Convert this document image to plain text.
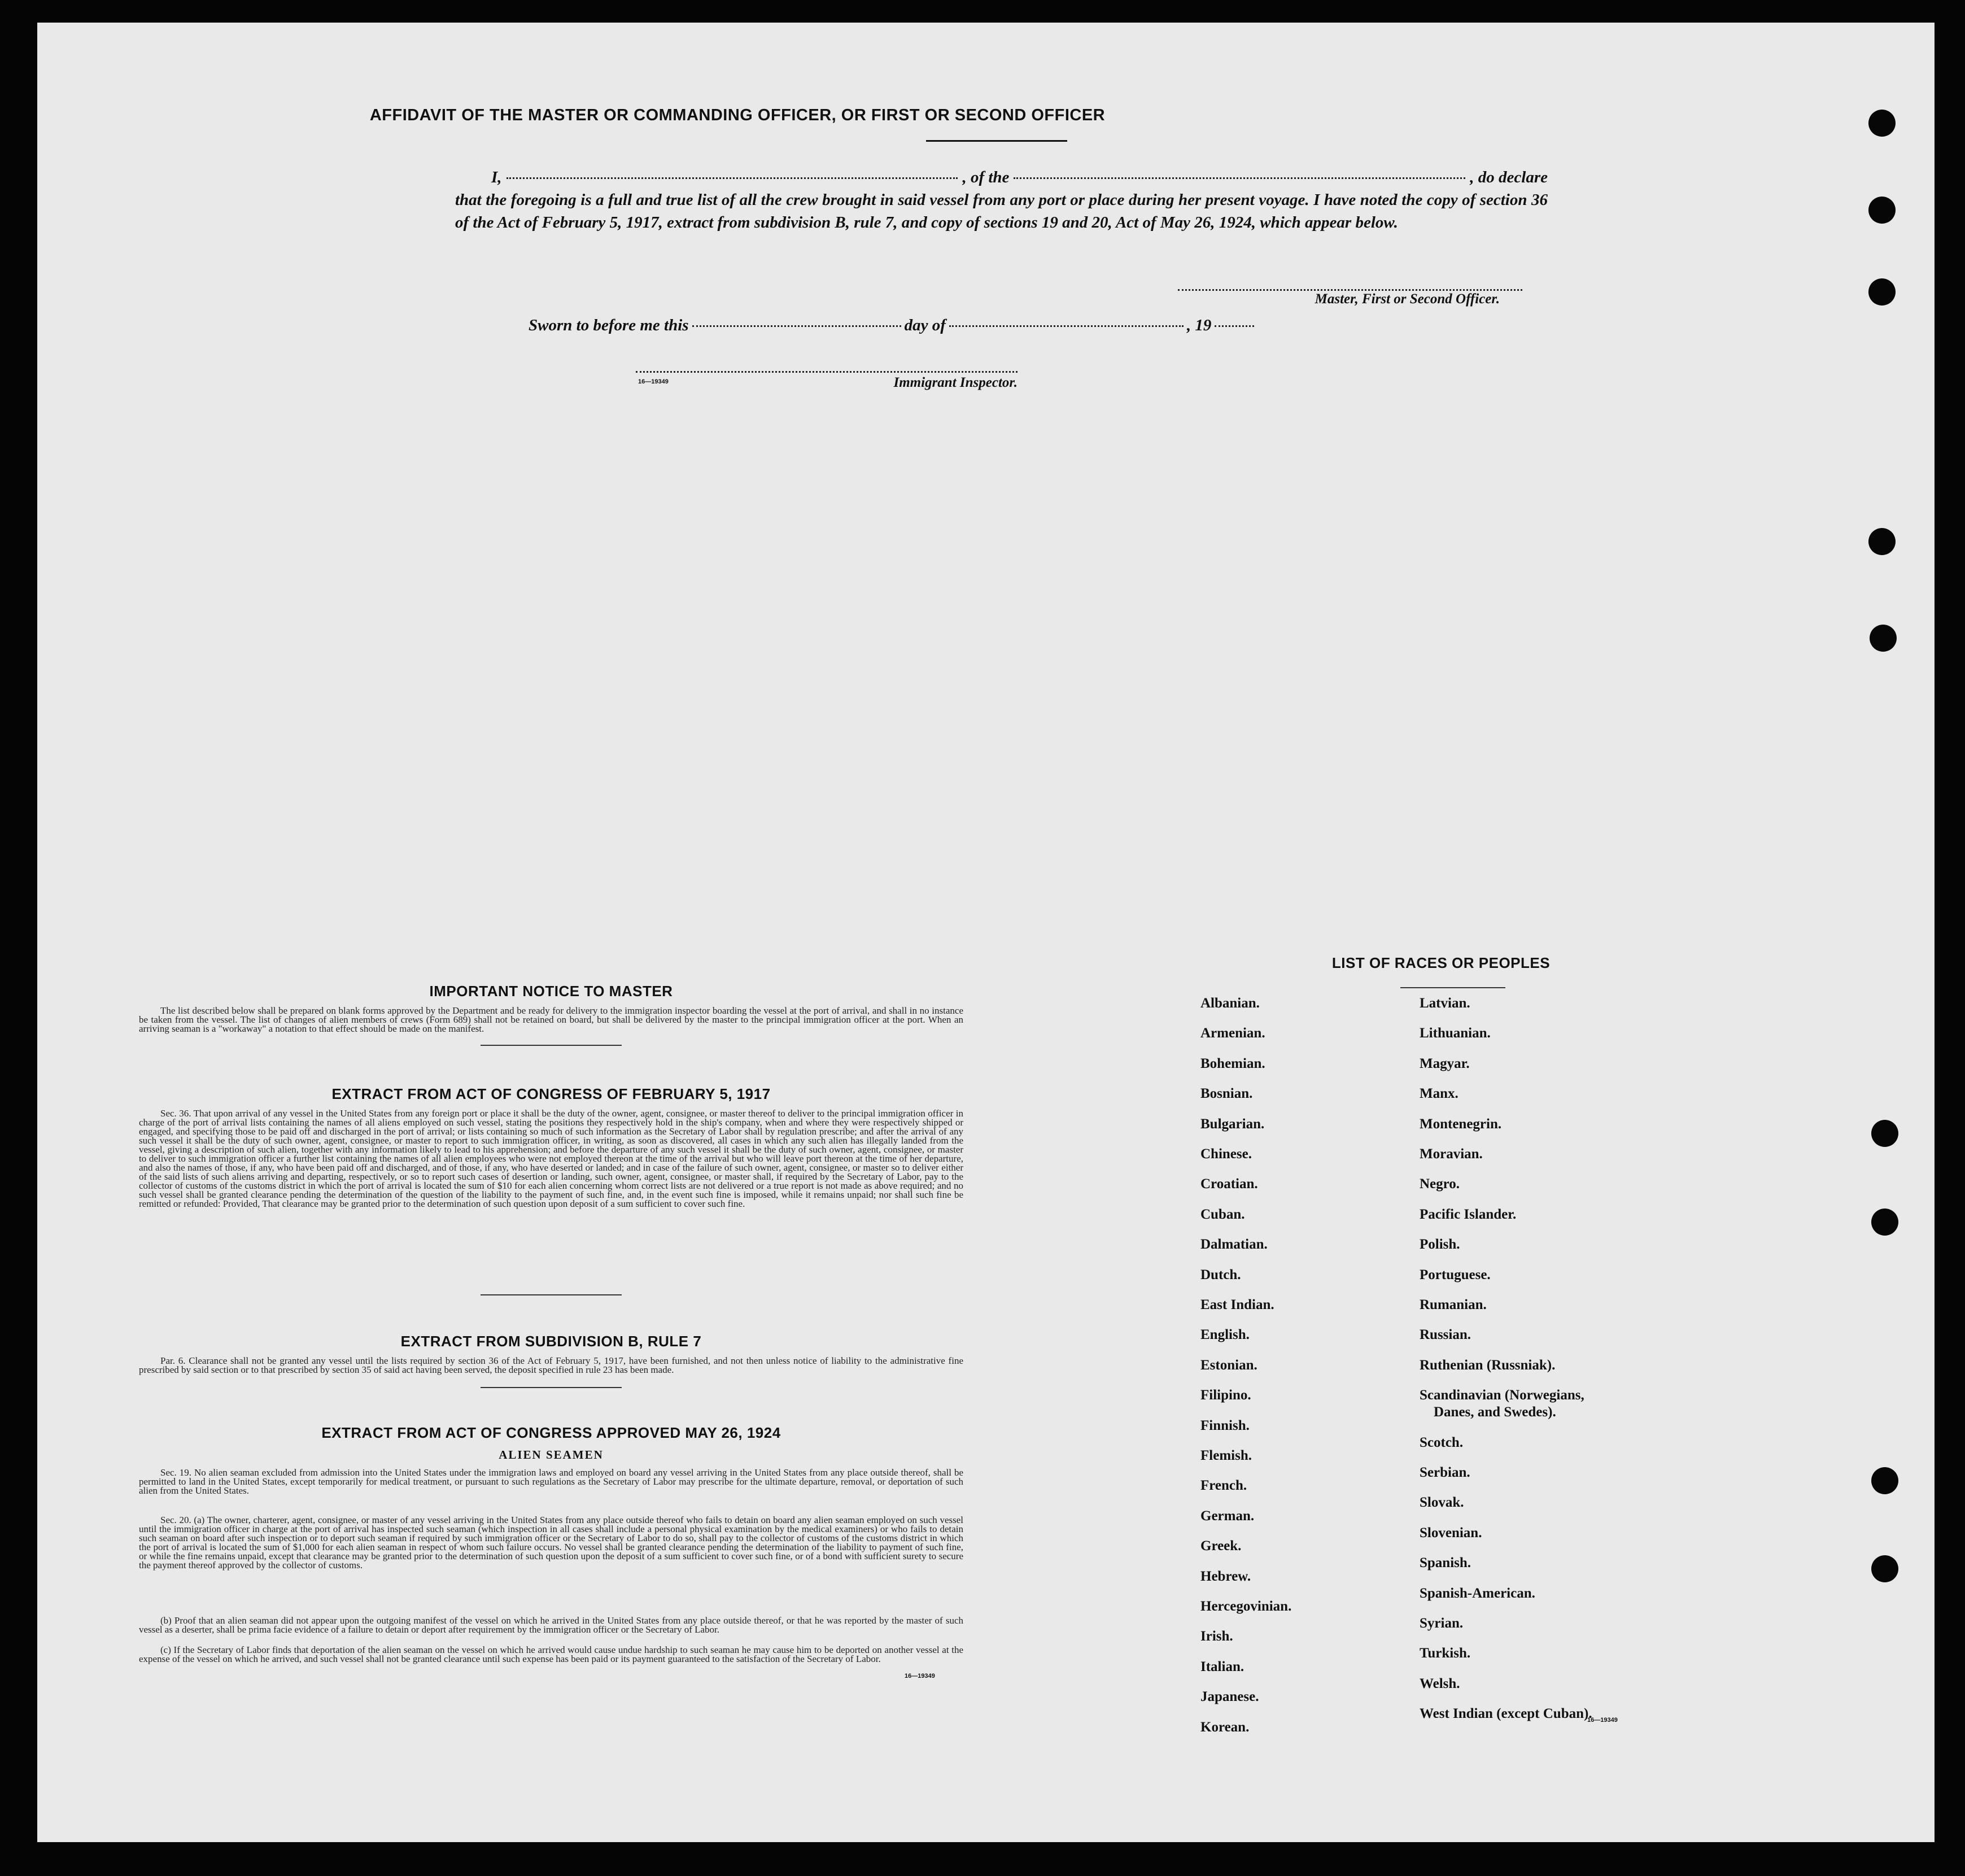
AFFIDAVIT OF THE MASTER OR COMMANDING OFFICER, OR FIRST OR SECOND OFFICER
I,	, of the	, do declare
that the foregoing is a full and true list of all the crew brought in said vessel from any port or place during her present voyage. I have noted the copy of section 36 of the Act of February 5, 1917, extract from subdivision B, rule 7, and copy of sections 19 and 20, Act of May 26, 1924, which appear below.
Master, First or Second Officer.
Sworn to before me this	day of	, 19
16—19349	Immigrant Inspector.
IMPORTANT NOTICE TO MASTER
The list described below shall be prepared on blank forms approved by the Department and be ready for delivery to the immigration inspector boarding the vessel at the port of arrival, and shall in no instance be taken from the vessel. The list of changes of alien members of crews (Form 689) shall not be retained on board, but shall be delivered by the master to the principal immigration officer at the port. When an arriving seaman is a "workaway" a notation to that effect should be made on the manifest.
EXTRACT FROM ACT OF CONGRESS OF FEBRUARY 5, 1917
Sec. 36. That upon arrival of any vessel in the United States from any foreign port or place it shall be the duty of the owner, agent, consignee, or master thereof to deliver to the principal immigration officer in charge of the port of arrival lists containing the names of all aliens employed on such vessel, stating the positions they respectively hold in the ship's company, when and where they were respectively shipped or engaged, and specifying those to be paid off and discharged in the port of arrival; or lists containing so much of such information as the Secretary of Labor shall by regulation prescribe; and after the arrival of any such vessel it shall be the duty of such owner, agent, consignee, or master to report to such immigration officer, in writing, as soon as discovered, all cases in which any such alien has illegally landed from the vessel, giving a description of such alien, together with any information likely to lead to his apprehension; and before the departure of any such vessel it shall be the duty of such owner, agent, consignee, or master to deliver to such immigration officer a further list containing the names of all alien employees who were not employed thereon at the time of the arrival but who will leave port thereon at the time of her departure, and also the names of those, if any, who have been paid off and discharged, and of those, if any, who have deserted or landed; and in case of the failure of such owner, agent, consignee, or master so to deliver either of the said lists of such aliens arriving and departing, respectively, or so to report such cases of desertion or landing, such owner, agent, consignee, or master shall, if required by the Secretary of Labor, pay to the collector of customs of the customs district in which the port of arrival is located the sum of $10 for each alien concerning whom correct lists are not delivered or a true report is not made as above required; and no such vessel shall be granted clearance pending the determination of the question of the liability to the payment of such fine, and, in the event such fine is imposed, while it remains unpaid; nor shall such fine be remitted or refunded: Provided, That clearance may be granted prior to the determination of such question upon deposit of a sum sufficient to cover such fine.
EXTRACT FROM SUBDIVISION B, RULE 7
Par. 6. Clearance shall not be granted any vessel until the lists required by section 36 of the Act of February 5, 1917, have been furnished, and not then unless notice of liability to the administrative fine prescribed by said section or to that prescribed by section 35 of said act having been served, the deposit specified in rule 23 has been made.
EXTRACT FROM ACT OF CONGRESS APPROVED MAY 26, 1924
ALIEN SEAMEN
Sec. 19. No alien seaman excluded from admission into the United States under the immigration laws and employed on board any vessel arriving in the United States from any place outside thereof, shall be permitted to land in the United States, except temporarily for medical treatment, or pursuant to such regulations as the Secretary of Labor may prescribe for the ultimate departure, removal, or deportation of such alien from the United States.
Sec. 20. (a) The owner, charterer, agent, consignee, or master of any vessel arriving in the United States from any place outside thereof who fails to detain on board any alien seaman employed on such vessel until the immigration officer in charge at the port of arrival has inspected such seaman (which inspection in all cases shall include a personal physical examination by the medical examiners) or who fails to detain such seaman on board after such inspection or to deport such seaman if required by such immigration officer or the Secretary of Labor to do so, shall pay to the collector of customs of the customs district in which the port of arrival is located the sum of $1,000 for each alien seaman in respect of whom such failure occurs. No vessel shall be granted clearance pending the determination of the liability to payment of such fine, or while the fine remains unpaid, except that clearance may be granted prior to the determination of such question upon the deposit of a sum sufficient to cover such fine, or of a bond with sufficient surety to secure the payment thereof approved by the collector of customs.
(b) Proof that an alien seaman did not appear upon the outgoing manifest of the vessel on which he arrived in the United States from any place outside thereof, or that he was reported by the master of such vessel as a deserter, shall be prima facie evidence of a failure to detain or deport after requirement by the immigration officer or the Secretary of Labor.
(c) If the Secretary of Labor finds that deportation of the alien seaman on the vessel on which he arrived would cause undue hardship to such seaman he may cause him to be deported on another vessel at the expense of the vessel on which he arrived, and such vessel shall not be granted clearance until such expense has been paid or its payment guaranteed to the satisfaction of the Secretary of Labor.
16—19349
LIST OF RACES OR PEOPLES
Albanian.
Armenian.
Bohemian.
Bosnian.
Bulgarian.
Chinese.
Croatian.
Cuban.
Dalmatian.
Dutch.
East Indian.
English.
Estonian.
Filipino.
Finnish.
Flemish.
French.
German.
Greek.
Hebrew.
Hercegovinian.
Irish.
Italian.
Japanese.
Korean.
Latvian.
Lithuanian.
Magyar.
Manx.
Montenegrin.
Moravian.
Negro.
Pacific Islander.
Polish.
Portuguese.
Rumanian.
Russian.
Ruthenian (Russniak).
Scandinavian (Norwegians,
Danes, and Swedes).
Scotch.
Serbian.
Slovak.
Slovenian.
Spanish.
Spanish-American.
Syrian.
Turkish.
Welsh.
West Indian (except Cuban).
16—19349
